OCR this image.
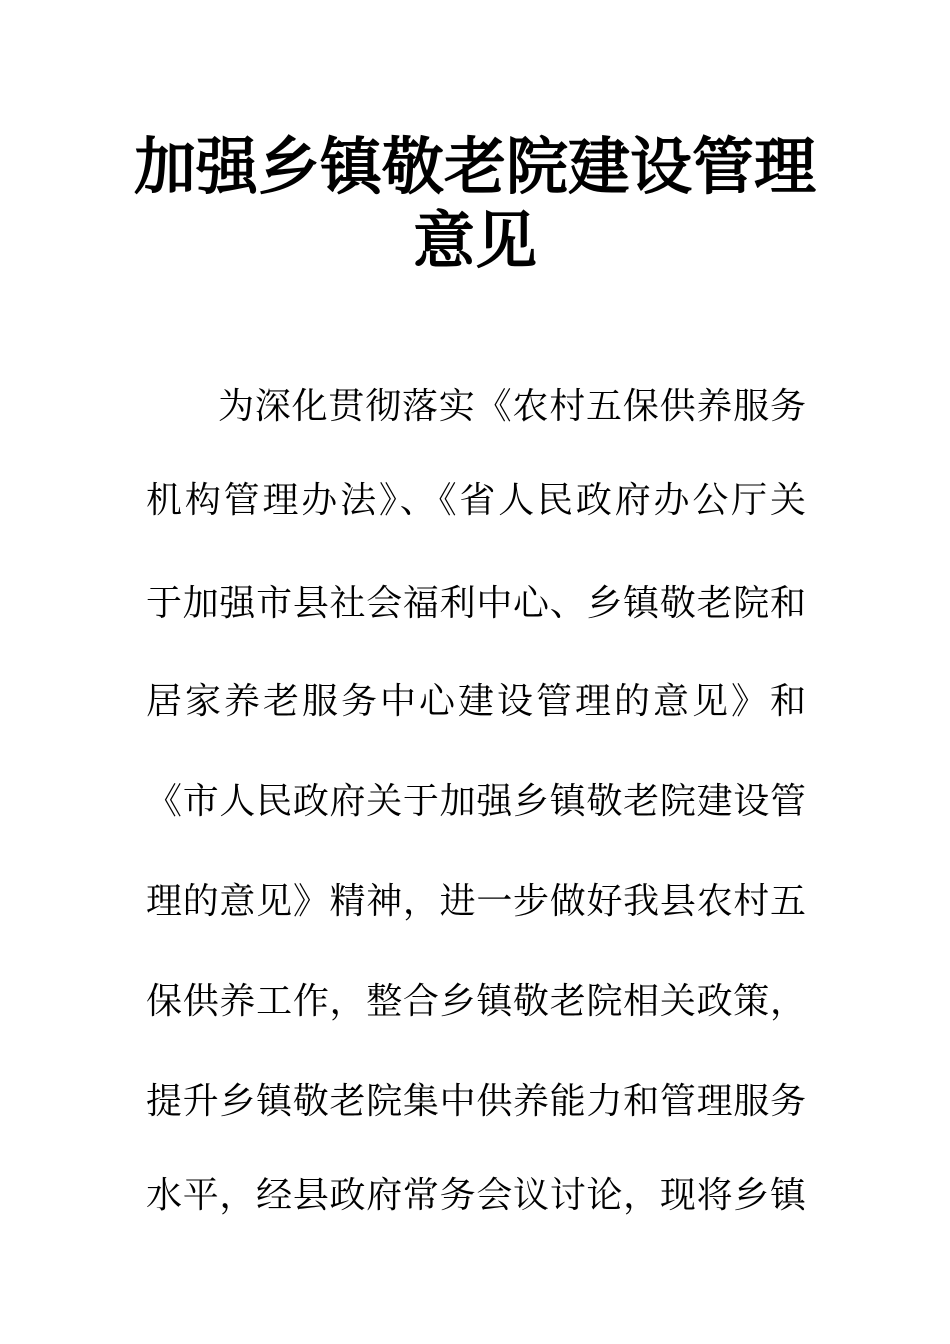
加强乡镇敬老院建设管理
意见

为深化贯彻落实《农村五保供养服务

机构管理办法》、《省人民政府办公厅关

于加强市县社会福利中心、乡镇敬老院和

居家养老服务中心建设管理的意见》和

《市人民政府关于加强乡镇敬老院建设管

理的意见》精神，进一步做好我县农村五

保供养工作，整合乡镇敬老院相关政策，

提升乡镇敬老院集中供养能力和管理服务

水平，经县政府常务会议讨论，现将乡镇
